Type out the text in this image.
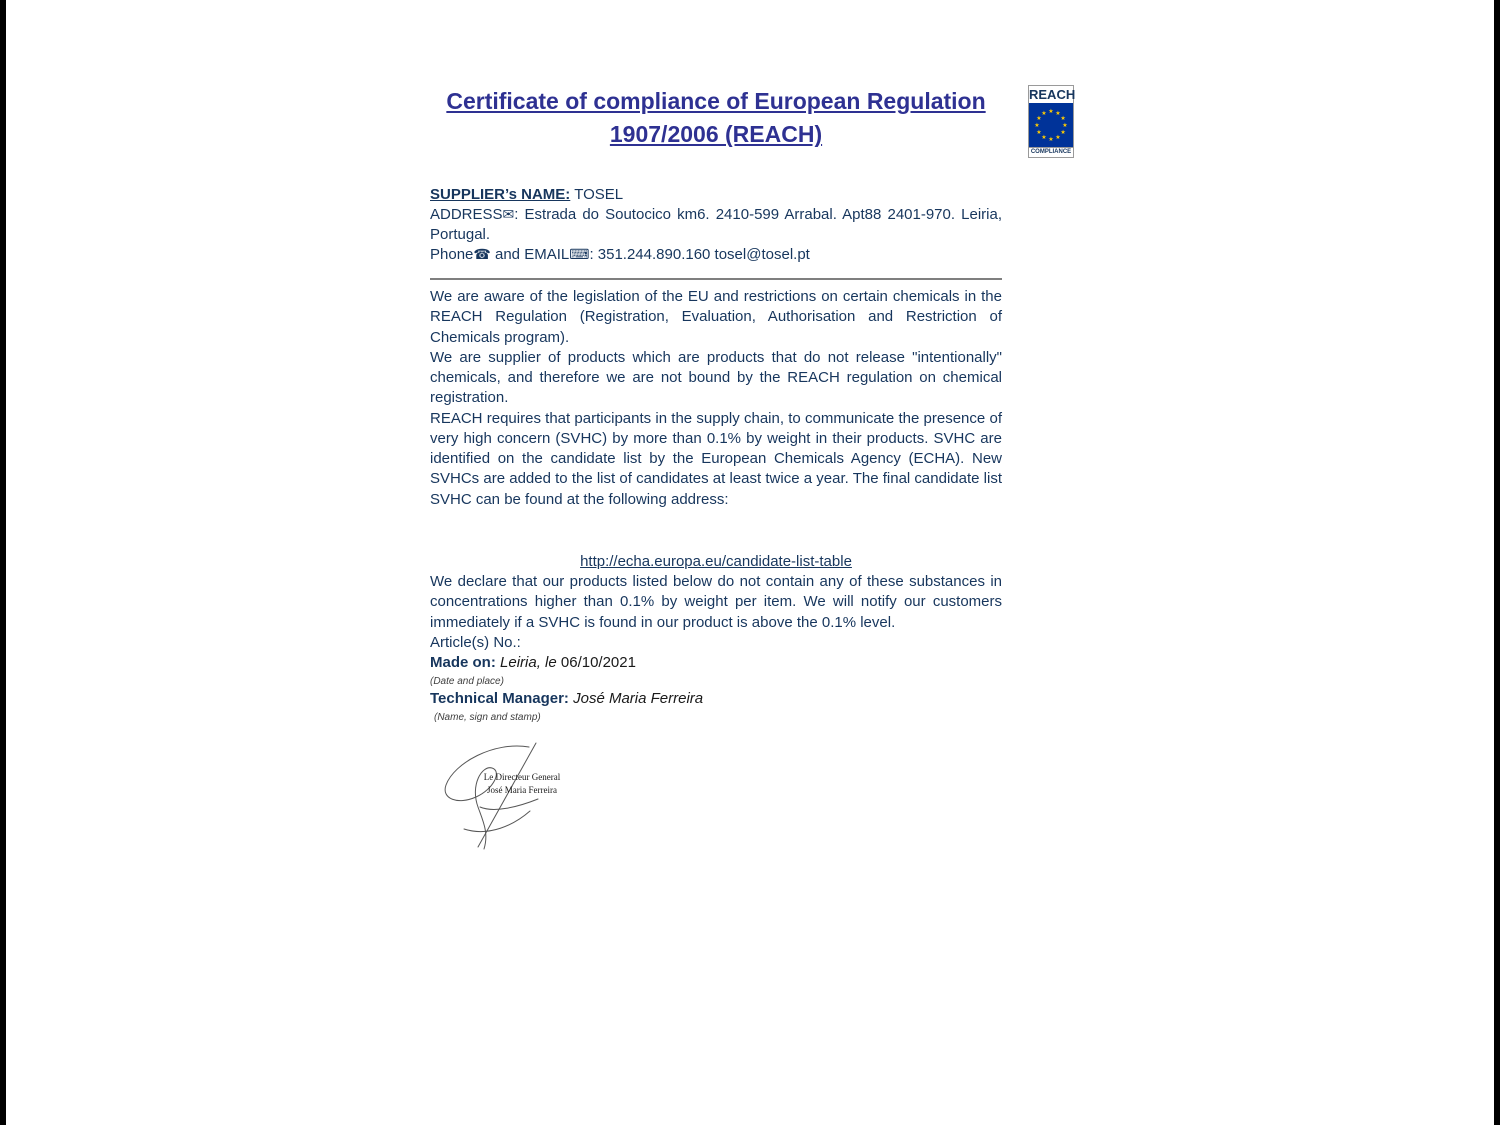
REACH
★ ★
★
★
★
★
★
★
★
★
★
★
COMPLIANCE
Certificate of compliance of European Regulation
1907/2006 (REACH)

SUPPLIER’s NAME: TOSEL

ADDRESS✉: Estrada do Soutocico km6. 2410-599 Arrabal. Apt88 2401-970. Leiria, Portugal.

Phone☎ and EMAIL⌨: 351.244.890.160 tosel@tosel.pt

We are aware of the legislation of the EU and restrictions on certain chemicals in the REACH Regulation (Registration, Evaluation, Authorisation and Restriction of Chemicals program).

We are supplier of products which are products that do not release "intentionally" chemicals, and therefore we are not bound by the REACH regulation on chemical registration.

REACH requires that participants in the supply chain, to communicate the presence of very high concern (SVHC) by more than 0.1% by weight in their products. SVHC are identified on the candidate list by the European Chemicals Agency (ECHA). New SVHCs are added to the list of candidates at least twice a year. The final candidate list SVHC can be found at the following address:

http://echa.europa.eu/candidate-list-table

We declare that our products listed below do not contain any of these substances in concentrations higher than 0.1% by weight per item. We will notify our customers immediately if a SVHC is found in our product is above the 0.1% level.

Article(s) No.:

Made on: Leiria, le 06/10/2021

(Date and place)

Technical Manager: José Maria Ferreira

(Name, sign and stamp)

Le Directeur General
José Maria Ferreira
